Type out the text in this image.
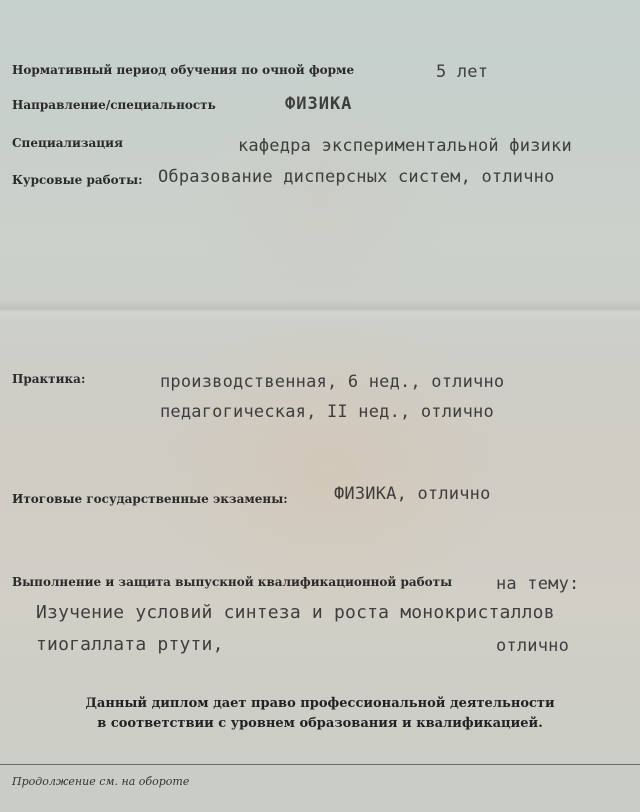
Нормативный период обучения по очной форме	5 лет
Направление/специальность	ФИЗИКА
Специализация	кафедра экспериментальной физики
Курсовые работы: Образование дисперсных систем, отлично
Практика:	производственная, 6 нед., отлично
педагогическая, II нед., отлично
Итоговые государственные экзамены:	ФИЗИКА, отлично
Выполнение и защита выпускной квалификационной работы	на тему:
Изучение условий синтеза и роста монокристаллов
тиогаллата ртути,	отлично
Данный диплом дает право профессиональной деятельности
в соответствии с уровнем образования и квалификацией.
Продолжение см. на обороте
